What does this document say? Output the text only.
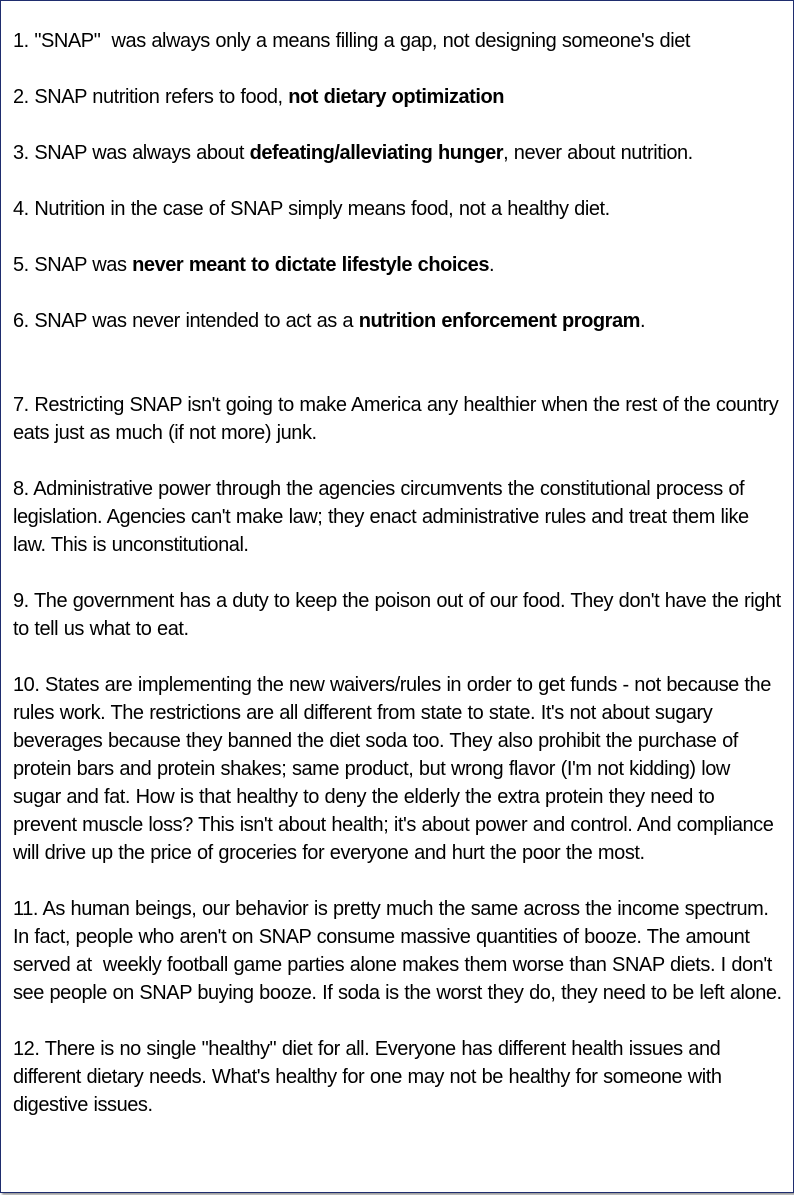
1. "SNAP"  was always only a means filling a gap, not designing someone's diet

2. SNAP nutrition refers to food, not dietary optimization

3. SNAP was always about defeating/alleviating hunger, never about nutrition.

4. Nutrition in the case of SNAP simply means food, not a healthy diet.

5. SNAP was never meant to dictate lifestyle choices.

6. SNAP was never intended to act as a nutrition enforcement program.

7. Restricting SNAP isn't going to make America any healthier when the rest of the country eats just as much (if not more) junk.

8. Administrative power through the agencies circumvents the constitutional process of legislation. Agencies can't make law; they enact administrative rules and treat them like law. This is unconstitutional.

9. The government has a duty to keep the poison out of our food. They don't have the right to tell us what to eat.

10. States are implementing the new waivers/rules in order to get funds - not because the rules work. The restrictions are all different from state to state. It's not about sugary beverages because they banned the diet soda too. They also prohibit the purchase of protein bars and protein shakes; same product, but wrong flavor (I'm not kidding) low sugar and fat. How is that healthy to deny the elderly the extra protein they need to prevent muscle loss? This isn't about health; it's about power and control. And compliance will drive up the price of groceries for everyone and hurt the poor the most.

11. As human beings, our behavior is pretty much the same across the income spectrum. In fact, people who aren't on SNAP consume massive quantities of booze. The amount served at  weekly football game parties alone makes them worse than SNAP diets. I don't see people on SNAP buying booze. If soda is the worst they do, they need to be left alone.

12. There is no single "healthy" diet for all. Everyone has different health issues and different dietary needs. What's healthy for one may not be healthy for someone with digestive issues.
